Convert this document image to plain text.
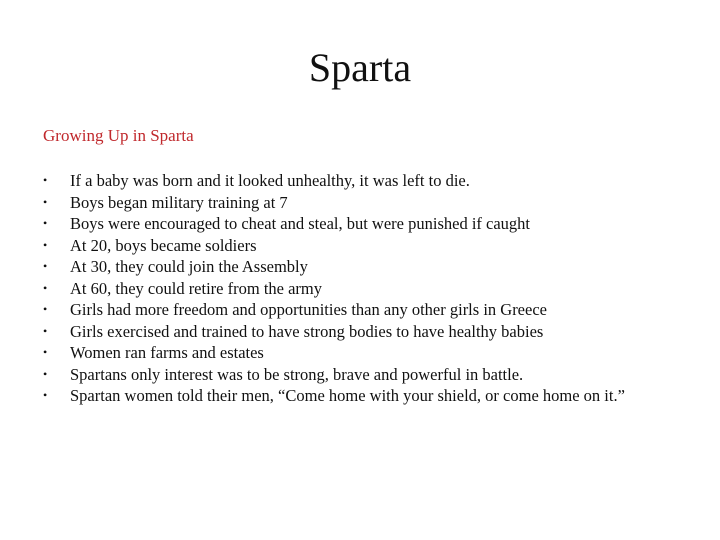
Sparta
Growing Up in Sparta
•	If a baby was born and it looked unhealthy, it was left to die.
•	Boys began military training at 7
•	Boys were encouraged to cheat and steal, but were punished if caught
•	At 20, boys became soldiers
•	At 30, they could join the Assembly
•	At 60, they could retire from the army
•	Girls had more freedom and opportunities than any other girls in Greece
•	Girls exercised and trained to have strong bodies to have healthy babies
•	Women ran farms and estates
•	Spartans only interest was to be strong, brave and powerful in battle.
•	Spartan women told their men, “Come home with your shield, or come home on it.”
